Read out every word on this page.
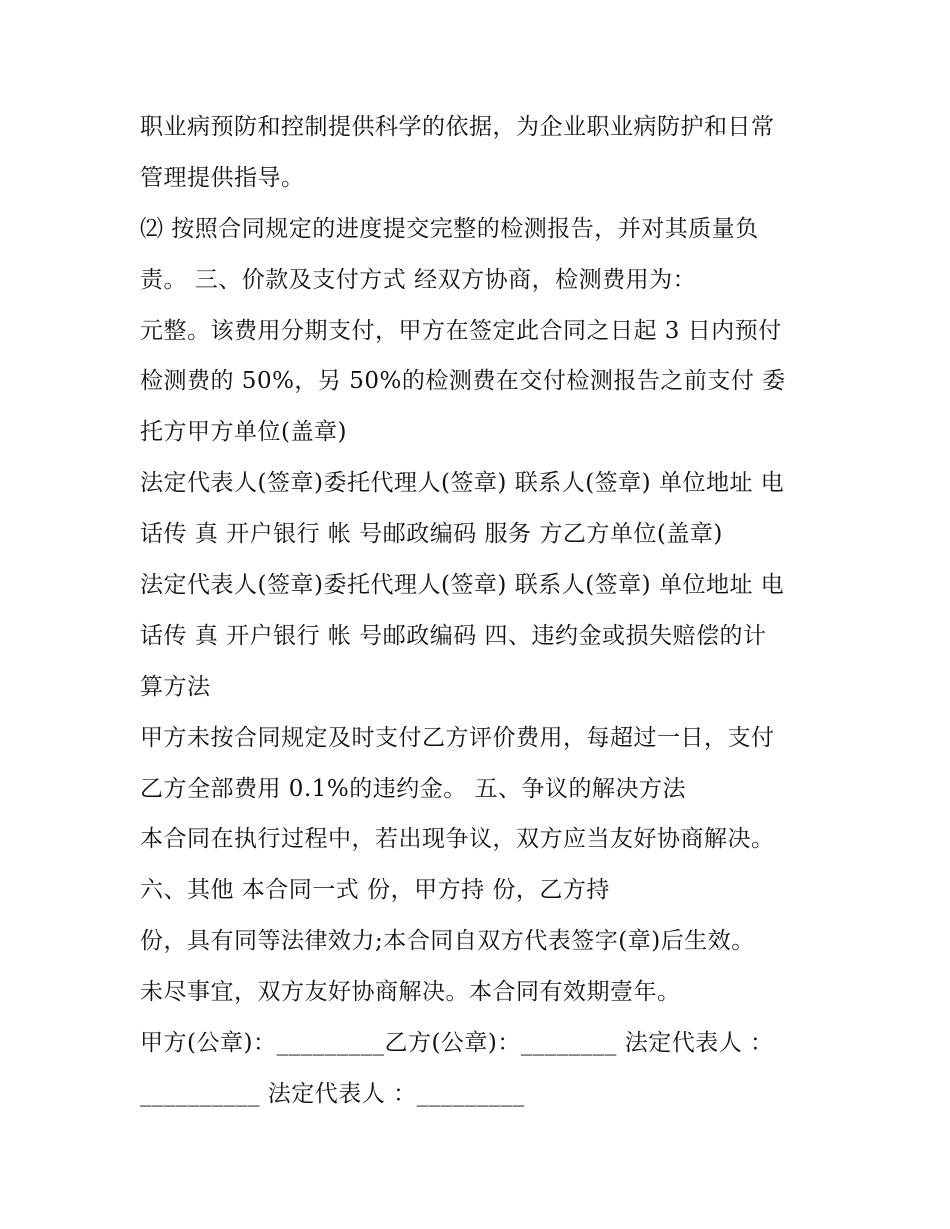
职业病预防和控制提供科学的依据，为企业职业病防护和日常
管理提供指导。
⑵ 按照合同规定的进度提交完整的检测报告，并对其质量负
责。 三、价款及支付方式 经双方协商，检测费用为：
元整。该费用分期支付，甲方在签定此合同之日起 3 日内预付
检测费的 50%，另 50%的检测费在交付检测报告之前支付 委
托方甲方单位(盖章)
法定代表人(签章)委托代理人(签章) 联系人(签章) 单位地址 电
话传 真 开户银行 帐 号邮政编码 服务 方乙方单位(盖章)
法定代表人(签章)委托代理人(签章) 联系人(签章) 单位地址 电
话传 真 开户银行 帐 号邮政编码 四、违约金或损失赔偿的计
算方法
甲方未按合同规定及时支付乙方评价费用，每超过一日，支付
乙方全部费用 0.1%的违约金。 五、争议的解决方法
本合同在执行过程中，若出现争议，双方应当友好协商解决。
六、其他 本合同一式 份，甲方持 份，乙方持
份，具有同等法律效力;本合同自双方代表签字(章)后生效。
未尽事宜，双方友好协商解决。本合同有效期壹年。
甲方(公章)：_________乙方(公章)：________ 法定代表人 ：
__________ 法定代表人 ：_________
